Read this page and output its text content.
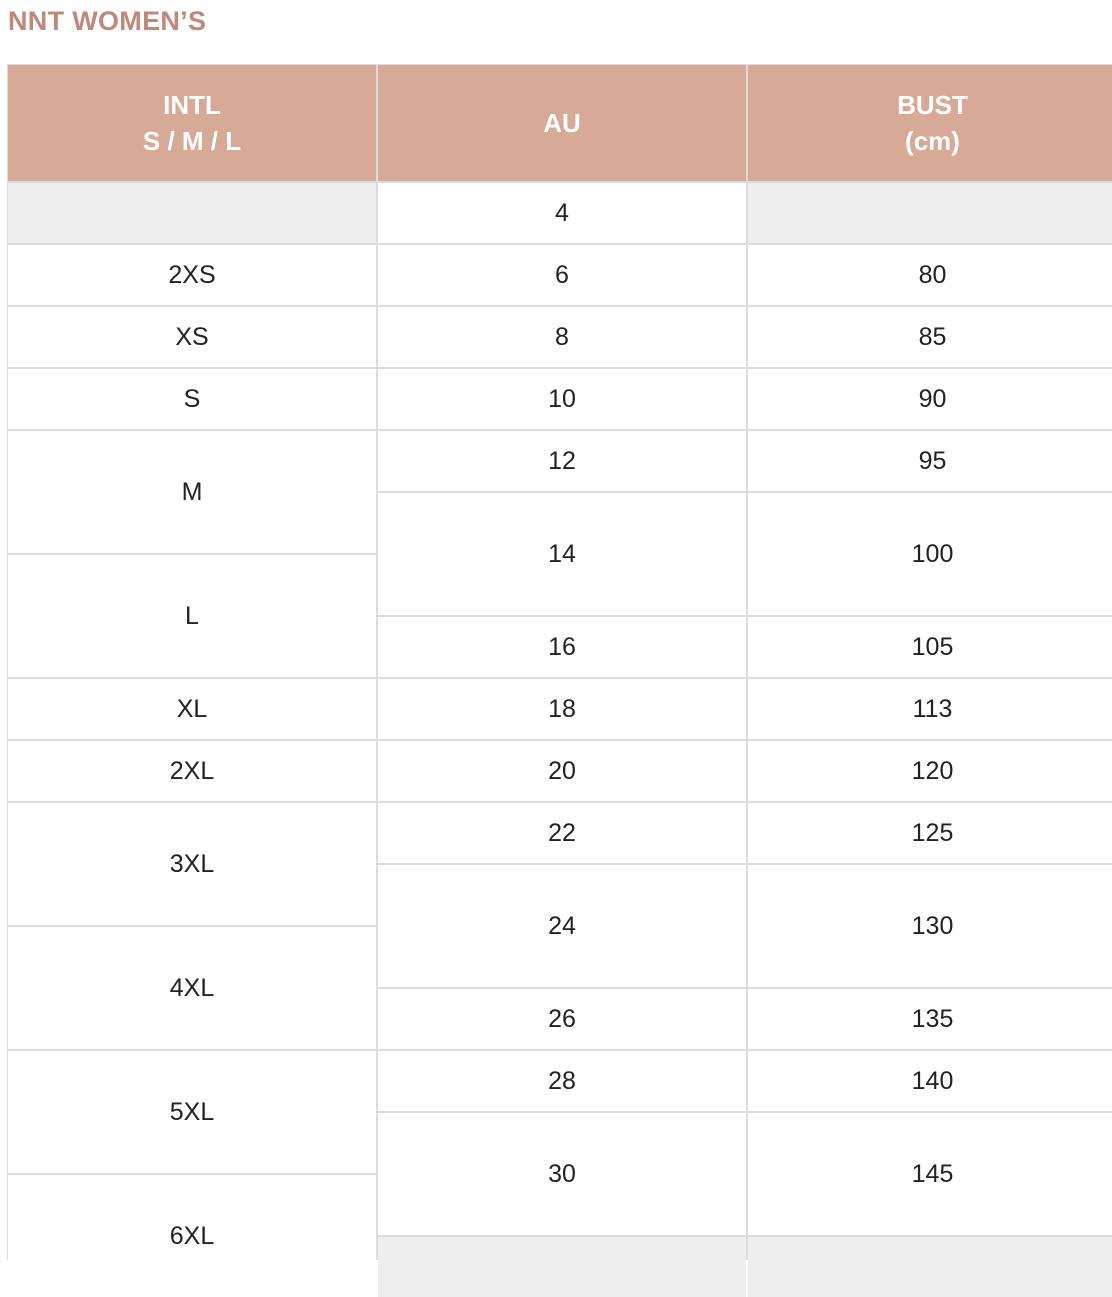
NNT WOMEN’S
INTL
S / M / L
AU
BUST
(cm)
2XS
XS
S
M
L
XL
2XL
3XL
4XL
5XL
6XL
4
6
8
10
12
14
16
18
20
22
24
26
28
30
80
85
90
95
100
105
113
120
125
130
135
140
145
